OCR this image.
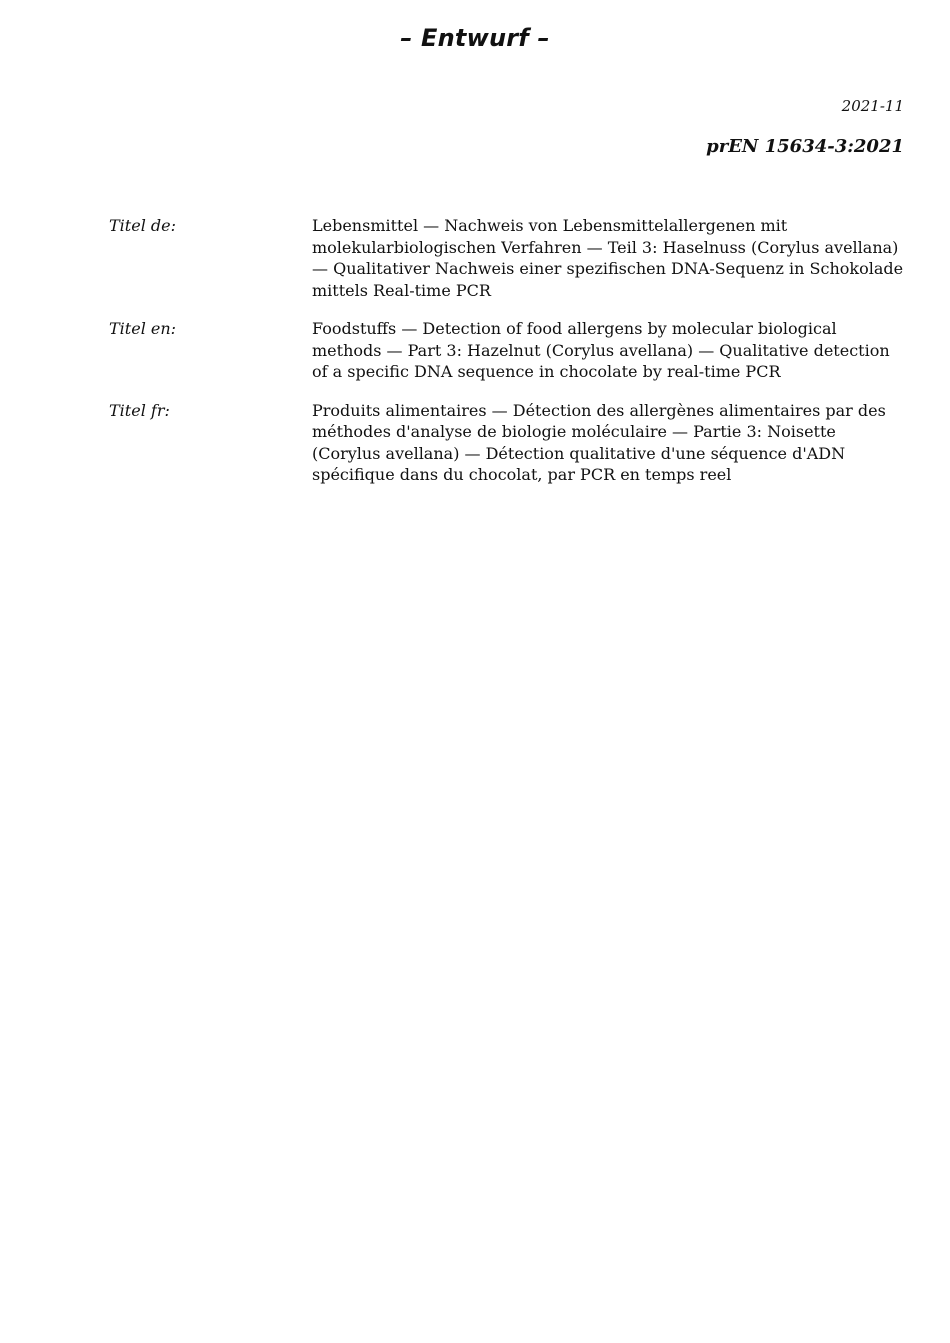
– Entwurf –
2021-11
prEN 15634-3:2021
Titel de:	Lebensmittel — Nachweis von Lebensmittelallergenen mit molekularbiologischen Verfahren — Teil 3: Haselnuss (Corylus avellana) — Qualitativer Nachweis einer spezifischen DNA-Sequenz in Schokolade mittels Real-time PCR
Titel en:	Foodstuffs — Detection of food allergens by molecular biological methods — Part 3: Hazelnut (Corylus avellana) — Qualitative detection of a specific DNA sequence in chocolate by real-time PCR
Titel fr:	Produits alimentaires — Détection des allergènes alimentaires par des méthodes d'analyse de biologie moléculaire — Partie 3: Noisette (Corylus avellana) — Détection qualitative d'une séquence d'ADN spécifique dans du chocolat, par PCR en temps reel
